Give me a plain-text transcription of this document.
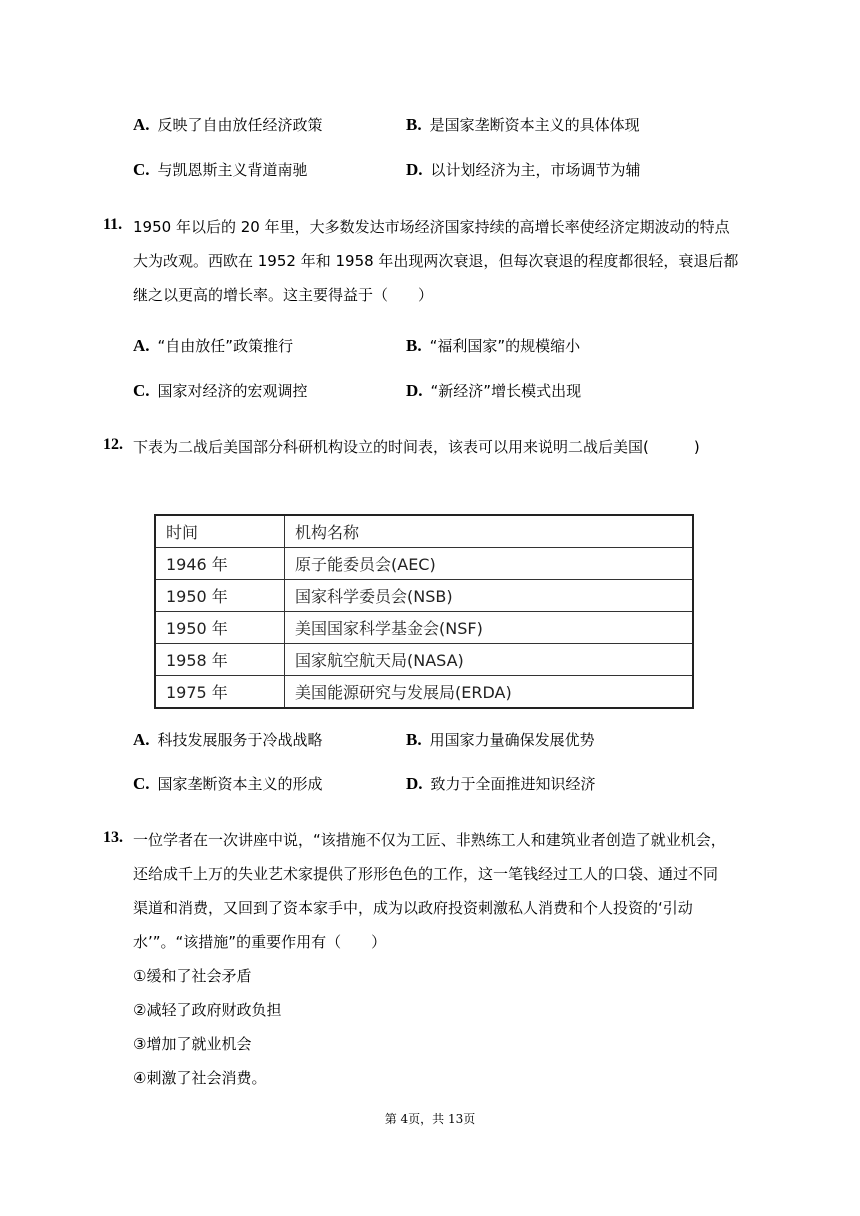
A. 反映了自由放任经济政策	B. 是国家垄断资本主义的具体体现
C. 与凯恩斯主义背道南驰	D. 以计划经济为主，市场调节为辅
11. 1950 年以后的 20 年里，大多数发达市场经济国家持续的高增长率使经济定期波动的特点
大为改观。西欧在 1952 年和 1958 年出现两次衰退，但每次衰退的程度都很轻，衰退后都
继之以更高的增长率。这主要得益于（　　）
A. “自由放任”政策推行	B. “福利国家”的规模缩小
C. 国家对经济的宏观调控	D. “新经济”增长模式出现
12. 下表为二战后美国部分科研机构设立的时间表，该表可以用来说明二战后美国(　　　)
时间	机构名称
1946 年	原子能委员会(AEC)
1950 年	国家科学委员会(NSB)
1950 年	美国国家科学基金会(NSF)
1958 年	国家航空航天局(NASA)
1975 年	美国能源研究与发展局(ERDA)
A. 科技发展服务于冷战战略	B. 用国家力量确保发展优势
C. 国家垄断资本主义的形成	D. 致力于全面推进知识经济
13. 一位学者在一次讲座中说，“该措施不仅为工匠、非熟练工人和建筑业者创造了就业机会，
还给成千上万的失业艺术家提供了形形色色的工作，这一笔钱经过工人的口袋、通过不同
渠道和消费，又回到了资本家手中，成为以政府投资刺激私人消费和个人投资的‘引动
水’”。“该措施”的重要作用有（　　）
①缓和了社会矛盾
②减轻了政府财政负担
③增加了就业机会
④刺激了社会消费。
第 4页，共 13页
